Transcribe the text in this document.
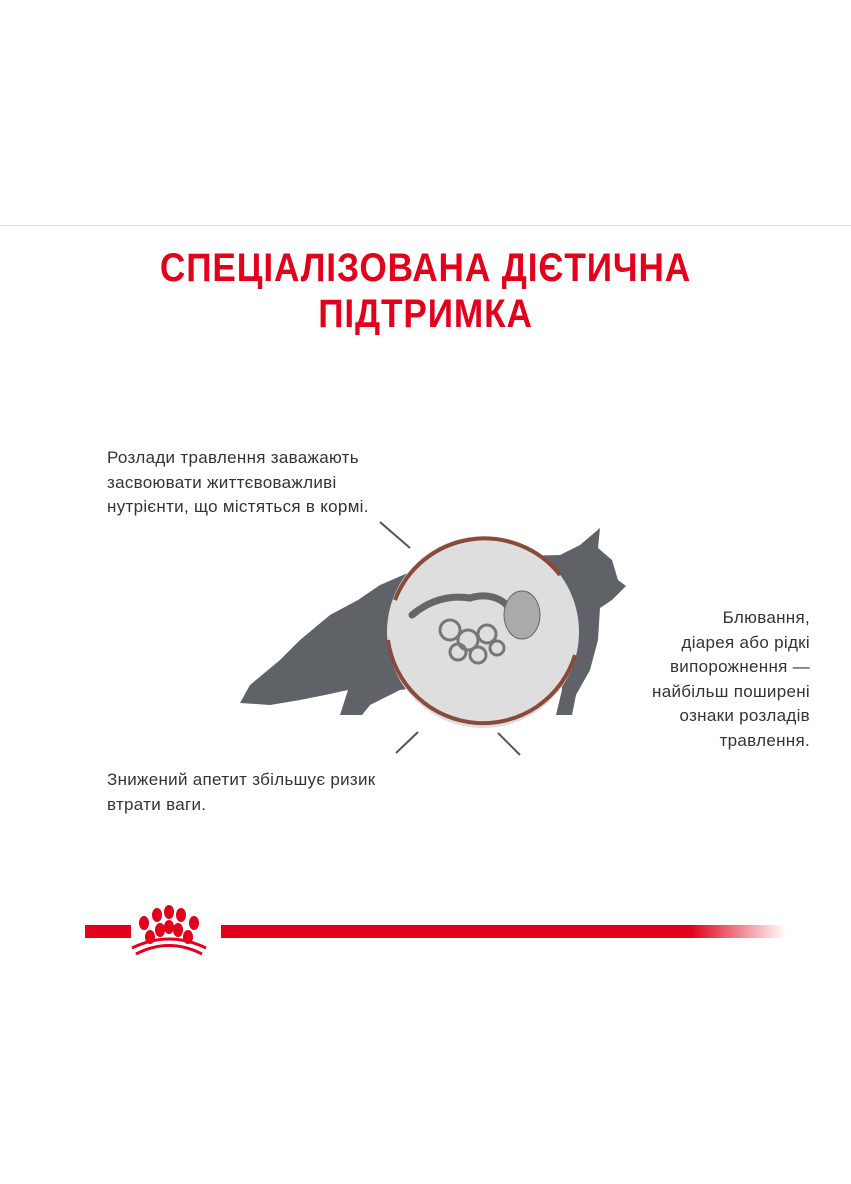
СПЕЦІАЛІЗОВАНА ДІЄТИЧНА
ПІДТРИМКА
Розлади травлення заважають
засвоювати життєвоважливі
нутрієнти, що містяться в кормі.
Блювання,
діарея або рідкі
випорожнення —
найбільш поширені
ознаки розладів
травлення.
Знижений апетит збільшує ризик
втрати ваги.
